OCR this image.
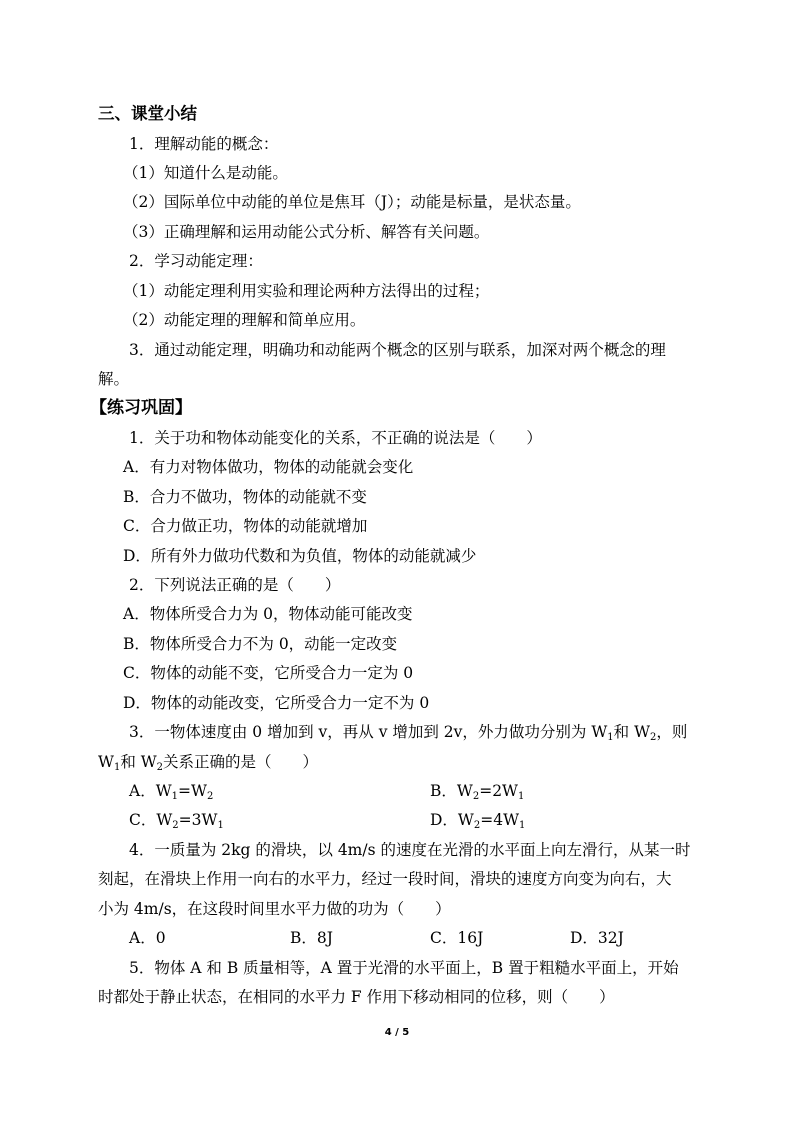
三、课堂小结
1．理解动能的概念：
（1）知道什么是动能。
（2）国际单位中动能的单位是焦耳（J）；动能是标量，是状态量。
（3）正确理解和运用动能公式分析、解答有关问题。
2．学习动能定理：
（1）动能定理利用实验和理论两种方法得出的过程；
（2）动能定理的理解和简单应用。
3．通过动能定理，明确功和动能两个概念的区别与联系，加深对两个概念的理
解。
【练习巩固】
1．关于功和物体动能变化的关系，不正确的说法是（　　）
A．有力对物体做功，物体的动能就会变化
B．合力不做功，物体的动能就不变
C．合力做正功，物体的动能就增加
D．所有外力做功代数和为负值，物体的动能就减少
2．下列说法正确的是（　　）
A．物体所受合力为 0，物体动能可能改变
B．物体所受合力不为 0，动能一定改变
C．物体的动能不变，它所受合力一定为 0
D．物体的动能改变，它所受合力一定不为 0
3．一物体速度由 0 增加到 v，再从 v 增加到 2v，外力做功分别为 $W_1$和 $W_2$，则
$W_1$和 $W_2$关系正确的是（　　）
A．$W_1=W_2$	B．$W_2=2W_1$
C．$W_2=3W_1$	D．$W_2=4W_1$
4．一质量为 2kg 的滑块，以 4m/s 的速度在光滑的水平面上向左滑行，从某一时
刻起，在滑块上作用一向右的水平力，经过一段时间，滑块的速度方向变为向右，大
小为 4m/s，在这段时间里水平力做的功为（　　）
A．0	B．8J	C．16J	D．32J
5．物体 A 和 B 质量相等，A 置于光滑的水平面上，B 置于粗糙水平面上，开始
时都处于静止状态，在相同的水平力 F 作用下移动相同的位移，则（　　）
4 / 5
